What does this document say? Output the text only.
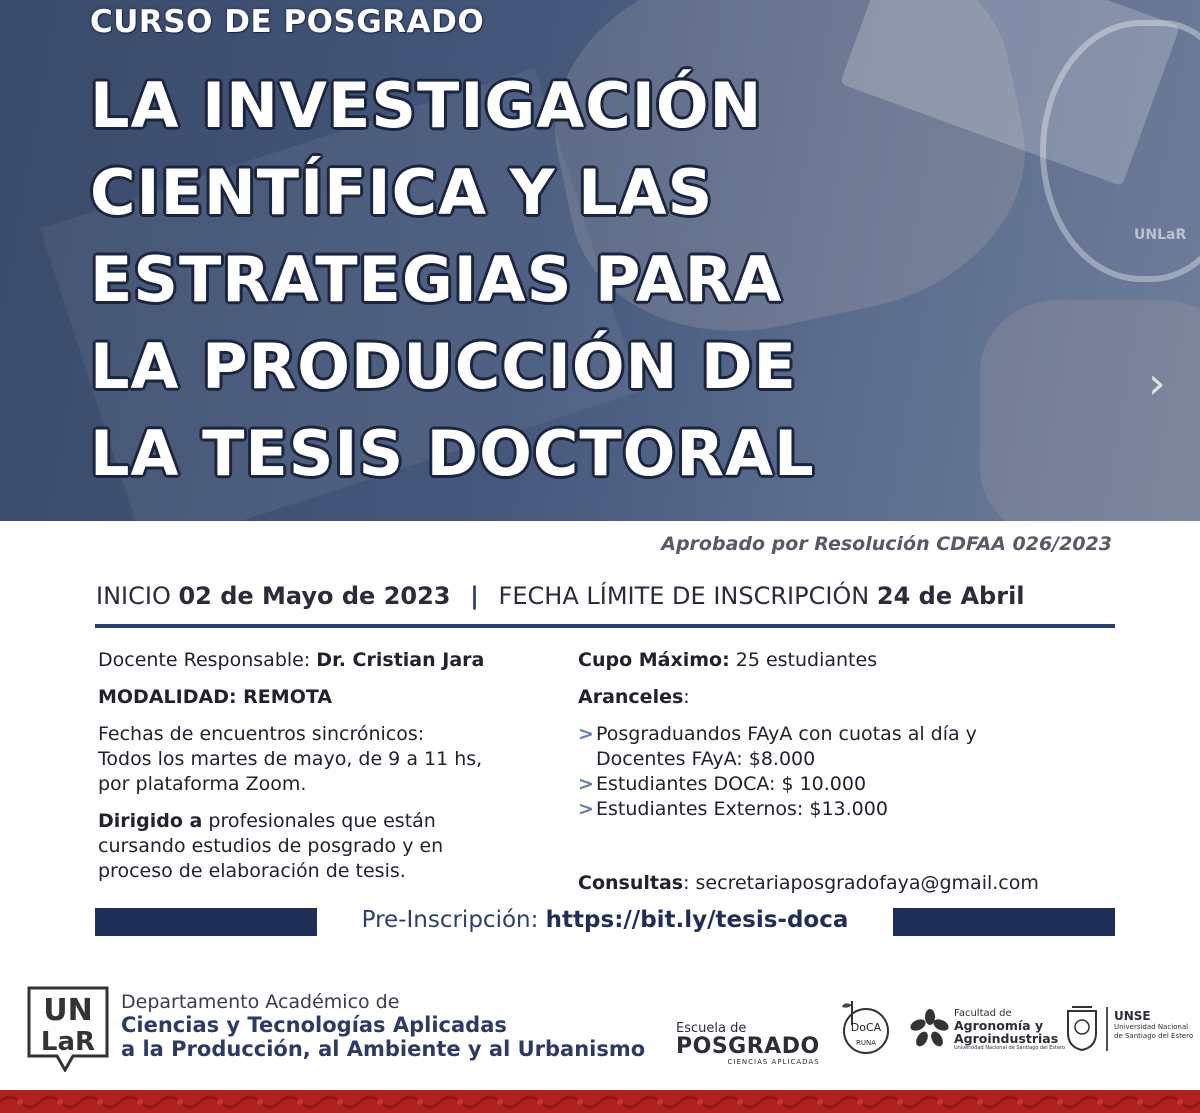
UNLaR
›
CURSO DE POSGRADO
LA INVESTIGACIÓN
CIENTÍFICA Y LAS
ESTRATEGIAS PARA
LA PRODUCCIÓN DE
LA TESIS DOCTORAL
Aprobado por Resolución CDFAA 026/2023
INICIO 02 de Mayo de 2023 | FECHA LÍMITE DE INSCRIPCIÓN 24 de Abril

Docente Responsable: Dr. Cristian Jara

MODALIDAD: REMOTA

Fechas de encuentros sincrónicos:
Todos los martes de mayo, de 9 a 11 hs,
por plataforma Zoom.

Dirigido a profesionales que están
cursando estudios de posgrado y en
proceso de elaboración de tesis.

Cupo Máximo: 25 estudiantes

Aranceles:

> Posgraduandos FAyA con cuotas al día y
Docentes FAyA: $8.000

> Estudiantes DOCA: $ 10.000

> Estudiantes Externos: $13.000

Consultas: secretariaposgradofaya@gmail.com

Pre-Inscripción: https://bit.ly/tesis-doca
UN
LaR
Departamento Académico de
Ciencias y Tecnologías Aplicadas
a la Producción, al Ambiente y al Urbanismo
Escuela de
POSGRADO
CIENCIAS APLICADAS
DoCA
RUNA
Facultad de
Agronomía y
Agroindustrias
Universidad Nacional de Santiago del Estero
UNSE
Universidad Nacional
de Santiago del Estero
